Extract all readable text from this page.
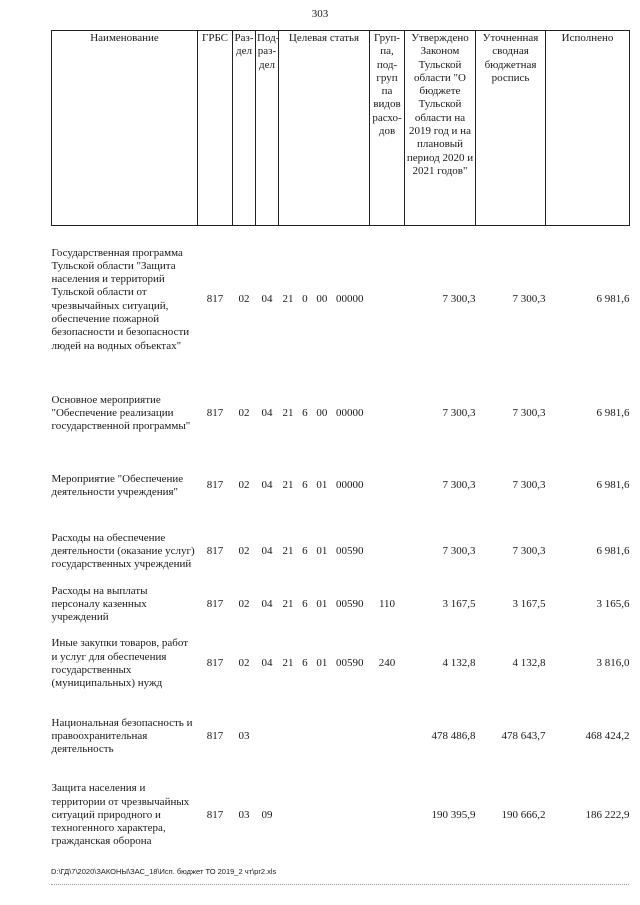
303
Наименование	ГРБС	Раз-дел	Под-раз-дел	Целевая статья	Груп-па, под-груп па видов расхо-дов	Утверждено Законом Тульской области "О бюджете Тульской области на 2019 год и на плановый период 2020 и 2021 годов"	Уточненная сводная бюджетная роспись	Исполнено
Государственная программа Тульской области "Защита населения и территорий Тульской области от чрезвычайных ситуаций, обеспечение пожарной безопасности и безопасности людей на водных объектах"	817	02	04	21 0 00 00000		7 300,3	7 300,3	6 981,6
Основное мероприятие "Обеспечение реализации государственной программы"	817	02	04	21 6 00 00000		7 300,3	7 300,3	6 981,6
Мероприятие "Обеспечение деятельности учреждения"	817	02	04	21 6 01 00000		7 300,3	7 300,3	6 981,6
Расходы на обеспечение деятельности (оказание услуг) государственных учреждений	817	02	04	21 6 01 00590		7 300,3	7 300,3	6 981,6
Расходы на выплаты персоналу казенных учреждений	817	02	04	21 6 01 00590	110	3 167,5	3 167,5	3 165,6
Иные закупки товаров, работ и услуг для обеспечения государственных (муниципальных) нужд	817	02	04	21 6 01 00590	240	4 132,8	4 132,8	3 816,0
Национальная безопасность и правоохранительная деятельность	817	03				478 486,8	478 643,7	468 424,2
Защита населения и территории от чрезвычайных ситуаций природного и техногенного характера, гражданская оборона	817	03	09			190 395,9	190 666,2	186 222,9
D:\ГД\7\2020\ЗАКОНЫ\ЗАС_18\Исп. бюджет ТО 2019_2 чт\pr2.xls
